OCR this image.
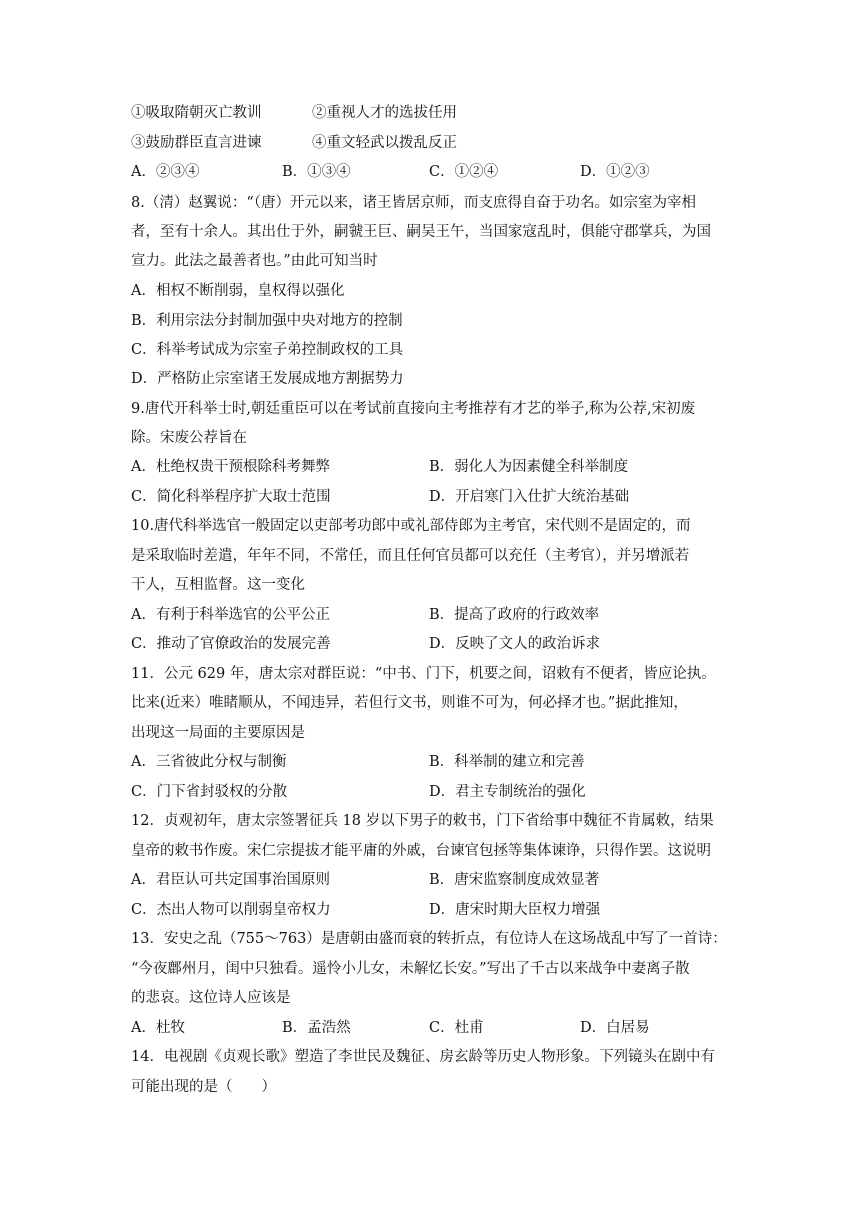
①吸取隋朝灭亡教训	②重视人才的选拔任用
③鼓励群臣直言进谏	④重文轻武以拨乱反正
A．②③④	B．①③④	C．①②④	D．①②③
8.（清）赵翼说：“（唐）开元以来，诸王皆居京师，而支庶得自奋于功名。如宗室为宰相
者，至有十余人。其出仕于外，嗣虢王巨、嗣吴王午，当国家寇乱时，俱能守郡掌兵，为国
宣力。此法之最善者也。”由此可知当时
A．相权不断削弱，皇权得以强化
B．利用宗法分封制加强中央对地方的控制
C．科举考试成为宗室子弟控制政权的工具
D．严格防止宗室诸王发展成地方割据势力
9.唐代开科举士时,朝廷重臣可以在考试前直接向主考推荐有才艺的举子,称为公荐,宋初废
除。宋废公荐旨在
A．杜绝权贵干预根除科考舞弊	B．弱化人为因素健全科举制度
C．简化科举程序扩大取士范围	D．开启寒门入仕扩大统治基础
10.唐代科举选官一般固定以吏部考功郎中或礼部侍郎为主考官，宋代则不是固定的，而
是采取临时差遣，年年不同，不常任，而且任何官员都可以充任（主考官），并另增派若
干人，互相监督。这一变化
A．有利于科举选官的公平公正	B．提高了政府的行政效率
C．推动了官僚政治的发展完善	D．反映了文人的政治诉求
11．公元 629 年，唐太宗对群臣说：“中书、门下，机要之间，诏敕有不便者，皆应论执。
比来(近来）唯睹顺从，不闻违异，若但行文书，则谁不可为，何必择才也。”据此推知，
出现这一局面的主要原因是
A．三省彼此分权与制衡	B．科举制的建立和完善
C．门下省封驳权的分散	D．君主专制统治的强化
12．贞观初年，唐太宗签署征兵 18 岁以下男子的敕书，门下省给事中魏征不肯属敕，结果
皇帝的敕书作废。宋仁宗提拔才能平庸的外戚，台谏官包拯等集体谏诤，只得作罢。这说明
A．君臣认可共定国事治国原则	B．唐宋监察制度成效显著
C．杰出人物可以削弱皇帝权力	D．唐宋时期大臣权力增强
13．安史之乱（755～763）是唐朝由盛而衰的转折点，有位诗人在这场战乱中写了一首诗：
“今夜鄜州月，闺中只独看。遥怜小儿女，未解忆长安。”写出了千古以来战争中妻离子散
的悲哀。这位诗人应该是
A．杜牧	B．孟浩然	C．杜甫	D．白居易
14．电视剧《贞观长歌》塑造了李世民及魏征、房玄龄等历史人物形象。下列镜头在剧中有
可能出现的是（　　）
